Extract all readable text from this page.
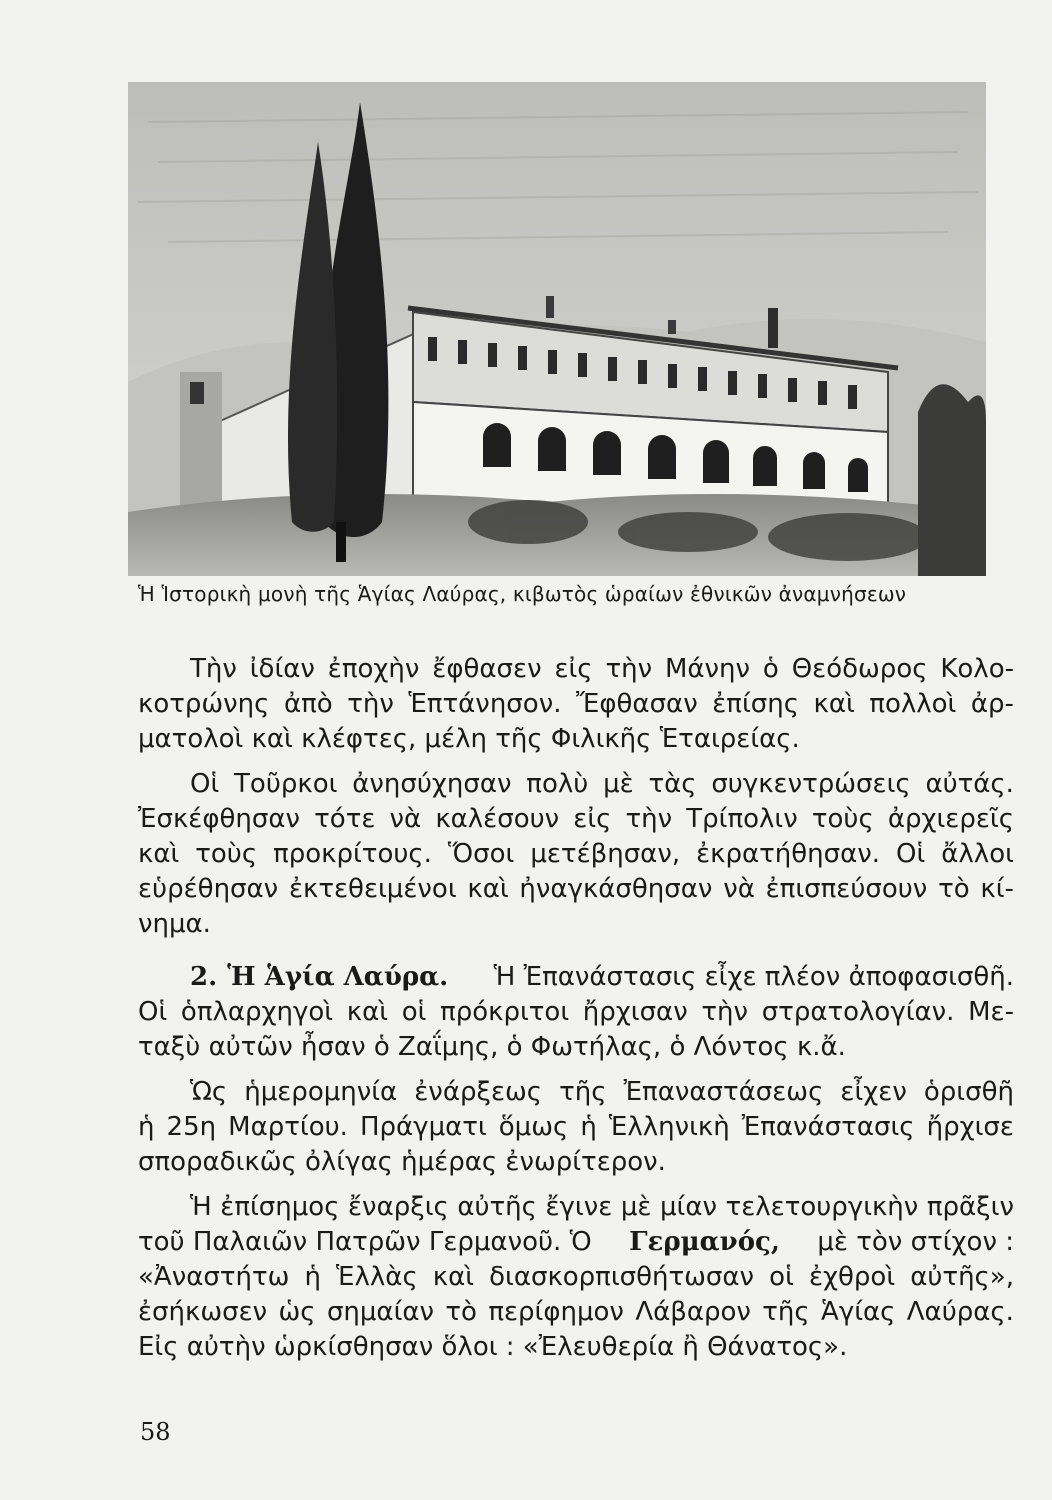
Ἡ Ἱστορικὴ μονὴ τῆς Ἁγίας Λαύρας, κιβωτὸς ὡραίων ἐθνικῶν ἀναμνήσεων
Τὴν ἰδίαν ἐποχὴν ἔφθασεν εἰς τὴν Μάνην ὁ Θεόδωρος Κολο-
κοτρώνης ἀπὸ τὴν Ἑπτάνησον. Ἔφθασαν ἐπίσης καὶ πολλοὶ ἀρ-
ματολοὶ καὶ κλέφτες, μέλη τῆς Φιλικῆς Ἑταιρείας.
Οἱ Τοῦρκοι ἀνησύχησαν πολὺ μὲ τὰς συγκεντρώσεις αὐτάς.
Ἐσκέφθησαν τότε νὰ καλέσουν εἰς τὴν Τρίπολιν τοὺς ἀρχιερεῖς
καὶ τοὺς προκρίτους. Ὅσοι μετέβησαν, ἐκρατήθησαν. Οἱ ἄλλοι
εὑρέθησαν ἐκτεθειμένοι καὶ ἠναγκάσθησαν νὰ ἐπισπεύσουν τὸ κί-
νημα.
2. Ἡ Ἁγία Λαύρα.	Ἡ Ἐπανάστασις εἶχε πλέον ἀποφασισθῆ.
Οἱ ὁπλαρχηγοὶ καὶ οἱ πρόκριτοι ἤρχισαν τὴν στρατολογίαν. Με-
ταξὺ αὐτῶν ἦσαν ὁ Ζαΐμης, ὁ Φωτήλας, ὁ Λόντος κ.ἄ.
Ὡς ἡμερομηνία ἐνάρξεως τῆς Ἐπαναστάσεως εἶχεν ὁρισθῆ
ἡ 25η Μαρτίου. Πράγματι ὅμως ἡ Ἑλληνικὴ Ἐπανάστασις ἤρχισε
σποραδικῶς ὀλίγας ἡμέρας ἐνωρίτερον.
Ἡ ἐπίσημος ἔναρξις αὐτῆς ἔγινε μὲ μίαν τελετουργικὴν πρᾶξιν
τοῦ Παλαιῶν Πατρῶν Γερμανοῦ. Ὁ Γερμανός, μὲ τὸν στίχον :
«Ἀναστήτω ἡ Ἑλλὰς καὶ διασκορπισθήτωσαν οἱ ἐχθροὶ αὐτῆς»,
ἐσήκωσεν ὡς σημαίαν τὸ περίφημον Λάβαρον τῆς Ἁγίας Λαύρας.
Εἰς αὐτὴν ὡρκίσθησαν ὅλοι : «Ἐλευθερία ἢ Θάνατος».
58
